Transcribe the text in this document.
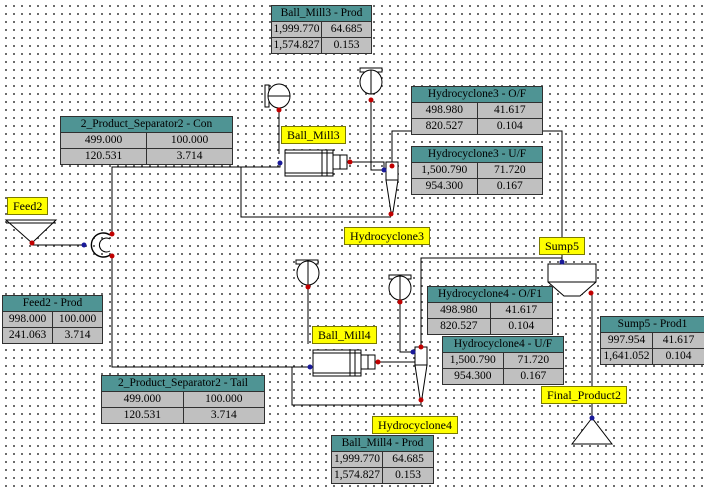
Feed2
Ball_Mill3
Hydrocyclone3
Sump5
Ball_Mill4
Hydrocyclone4
Final_Product2
Ball_Mill3 - Prod
1,999.770 64.685
1,574.827	0.153
2_Product_Separator2 - Con
499.000	100.000
120.531	3.714
Hydrocyclone3 - O/F
498.980	41.617
820.527	0.104
Hydrocyclone3 - U/F
1,500.790	71.720
954.300	0.167
Feed2 - Prod
998.000	100.000
241.063	3.714
Hydrocyclone4 - O/F1
498.980	41.617
820.527	0.104
Hydrocyclone4 - U/F
1,500.790	71.720
954.300	0.167
Sump5 - Prod1
997.954	41.617
1,641.052	0.104
2_Product_Separator2 - Tail
499.000	100.000
120.531	3.714
Ball_Mill4 - Prod
1,999.770	64.685
1,574.827	0.153
